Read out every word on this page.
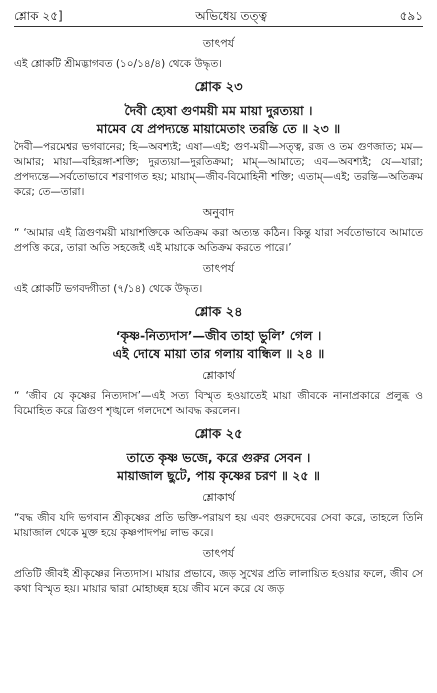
শ্লোক ২৫]	অভিধেয় তত্ত্ব	৫৯১
তাৎপর্য

এই শ্লোকটি শ্রীমদ্ভাগবত (১০/১৪/৪) থেকে উদ্ধৃত।

শ্লোক ২৩
দৈবী হ্যেষা গুণময়ী মম মায়া দুরত্যয়া ।
মামেব যে প্রপদ্যন্তে মায়ামেতাং তরন্তি তে ॥ ২৩ ॥

দৈবী—পরমেশ্বর ভগবানের; হি—অবশ্যই; এষা—এই; গুণ-ময়ী—সত্ত্ব, রজ ও তম গুণজাত; মম—আমার; মায়া—বহিরঙ্গা-শক্তি; দুরত্যয়া—দুরতিক্রমা; মাম্—আমাতে; এব—অবশ্যই; যে—যারা; প্রপদ্যন্তে—সর্বতোভাবে শরণাগত হয়; মায়াম্—জীব-বিমোহিনী শক্তি; এতাম্—এই; তরন্তি—অতিক্রম করে; তে—তারা।

অনুবাদ

“ ‘আমার এই ত্রিগুণময়ী মায়াশক্তিকে অতিক্রম করা অত্যন্ত কঠিন। কিন্তু যারা সর্বতোভাবে আমাতে প্রপত্তি করে, তারা অতি সহজেই এই মায়াকে অতিক্রম করতে পারে।’

তাৎপর্য

এই শ্লোকটি ভগবদ্গীতা (৭/১৪) থেকে উদ্ধৃত।

শ্লোক ২৪
‘কৃষ্ণ-নিত্যদাস’—জীব তাহা ভুলি’ গেল ।
এই দোষে মায়া তার গলায় বান্ধিল ॥ ২৪ ॥
শ্লোকার্থ

“ ‘জীব যে কৃষ্ণের নিত্যদাস’—এই সত্য বিস্মৃত হওয়াতেই মায়া জীবকে নানাপ্রকারে প্রলুব্ধ ও বিমোহিত করে ত্রিগুণ শৃঙ্খলে গলদেশে আবদ্ধ করলেন।

শ্লোক ২৫
তাতে কৃষ্ণ ভজে, করে গুরুর সেবন ।
মায়াজাল ছুটে, পায় কৃষ্ণের চরণ ॥ ২৫ ॥
শ্লোকার্থ

“বদ্ধ জীব যদি ভগবান শ্রীকৃষ্ণের প্রতি ভক্তি-পরায়ণ হয় এবং গুরুদেবের সেবা করে, তাহলে তিনি মায়াজাল থেকে মুক্ত হয়ে কৃষ্ণপাদপদ্ম লাভ করে।

তাৎপর্য

প্রতিটি জীবই শ্রীকৃষ্ণের নিত্যদাস। মায়ার প্রভাবে, জড় সুখের প্রতি লালায়িত হওয়ার ফলে, জীব সে কথা বিস্মৃত হয়। মায়ার দ্বারা মোহাচ্ছন্ন হয়ে জীব মনে করে যে জড়
